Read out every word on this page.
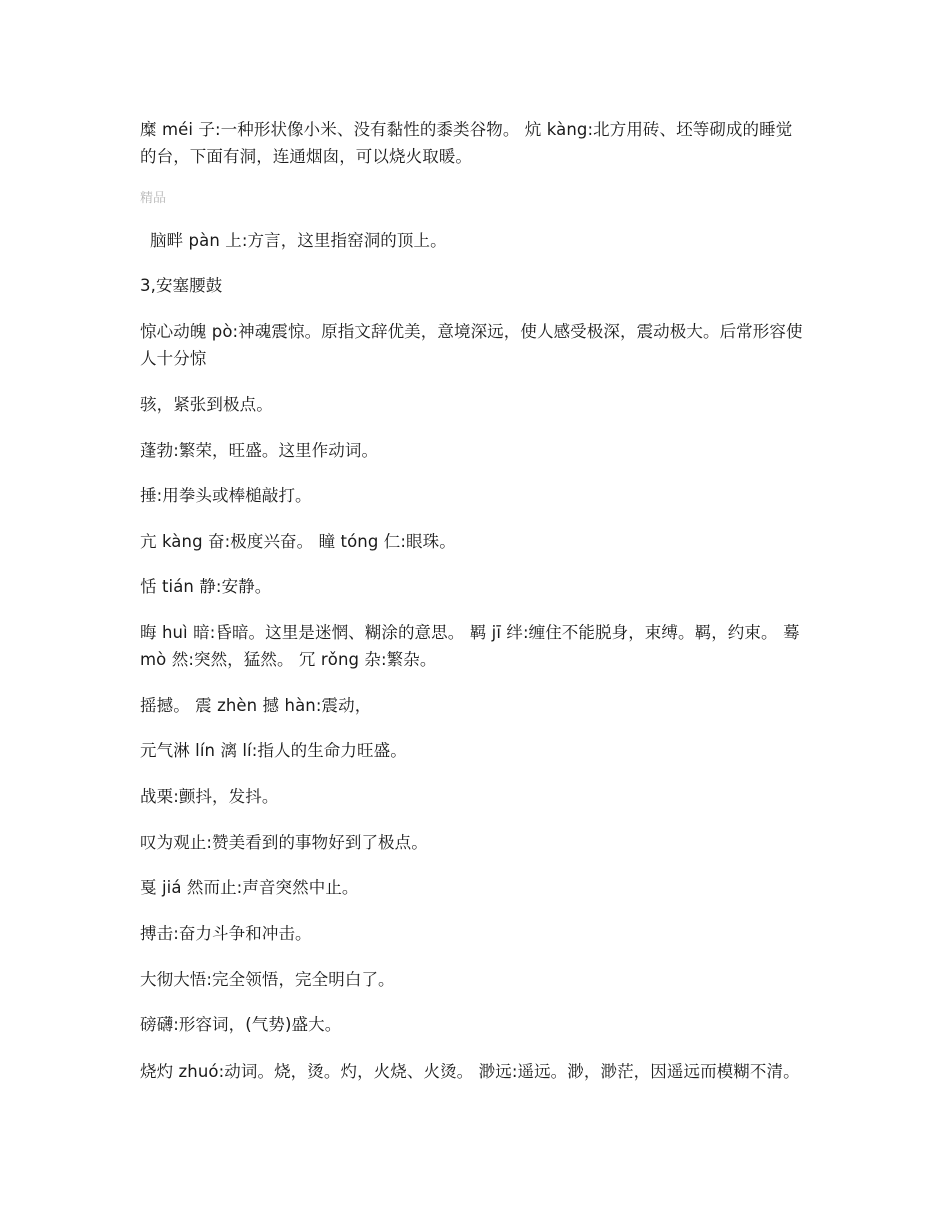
糜 méi 子:一种形状像小米、没有黏性的黍类谷物。 炕 kàng:北方用砖、坯等砌成的睡觉的台，下面有洞，连通烟囱，可以烧火取暖。

精品

脑畔 pàn 上:方言，这里指窑洞的顶上。

3,安塞腰鼓

惊心动魄 pò:神魂震惊。原指文辞优美，意境深远，使人感受极深，震动极大。后常形容使人十分惊

骇，紧张到极点。

蓬勃:繁荣，旺盛。这里作动词。

捶:用拳头或棒槌敲打。

亢 kàng 奋:极度兴奋。 瞳 tóng 仁:眼珠。

恬 tián 静:安静。

晦 huì 暗:昏暗。这里是迷惘、糊涂的意思。 羁 jī 绊:缠住不能脱身，束缚。羁，约束。 蓦 mò 然:突然，猛然。 冗 rǒng 杂:繁杂。

摇撼。 震 zhèn 撼 hàn:震动，

元气淋 lín 漓 lí:指人的生命力旺盛。

战栗:颤抖，发抖。

叹为观止:赞美看到的事物好到了极点。

戛 jiá 然而止:声音突然中止。

搏击:奋力斗争和冲击。

大彻大悟:完全领悟，完全明白了。

磅礴:形容词，(气势)盛大。

烧灼 zhuó:动词。烧，烫。灼，火烧、火烫。 渺远:遥远。渺，渺茫，因遥远而模糊不清。
